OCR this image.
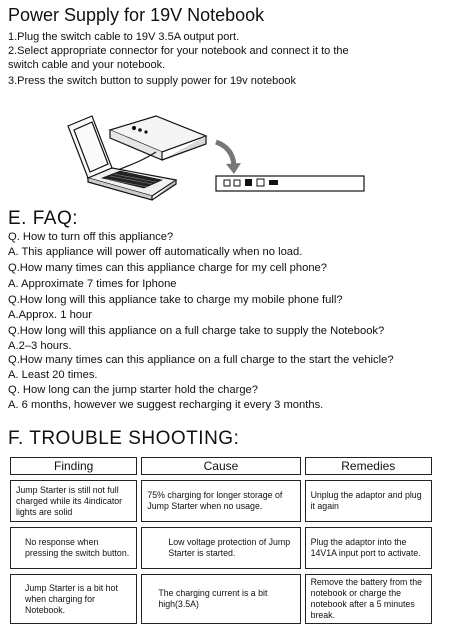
Power Supply for 19V Notebook
1.Plug the switch cable to 19V 3.5A output port.
2.Select appropriate connector for your notebook and connect it to the
switch cable and your notebook.
3.Press the switch button to supply power for 19v notebook
E. FAQ:
Q. How to turn off this appliance?
A. This appliance will power off automatically when no load.
Q.How many times can this appliance charge for my cell phone?
A. Approximate 7 times for Iphone
Q.How long will this appliance take to charge my mobile phone full?
A.Approx. 1 hour
Q.How long will this appliance on a full charge take to supply the Notebook?
A.2–3 hours.
Q.How many times can this appliance on a full charge to the start the vehicle?
A. Least 20 times.
Q. How long can the jump starter hold the charge?
A. 6 months, however we suggest recharging it every 3 months.
F. TROUBLE SHOOTING:
Finding	Cause	Remedies
Jump Starter is still not full charged while its 4indicator lights are solid	75% charging for longer storage of Jump Starter when no usage.	Unplug the adaptor and plug it again
No response when pressing the switch button.	Low voltage protection of Jump Starter is started.	Plug the adaptor into the 14V1A input port to activate.
Jump Starter is a bit hot when charging for Notebook.	The charging current is a bit high(3.5A)	Remove the battery from the notebook or charge the notebook after a 5 minutes break.
